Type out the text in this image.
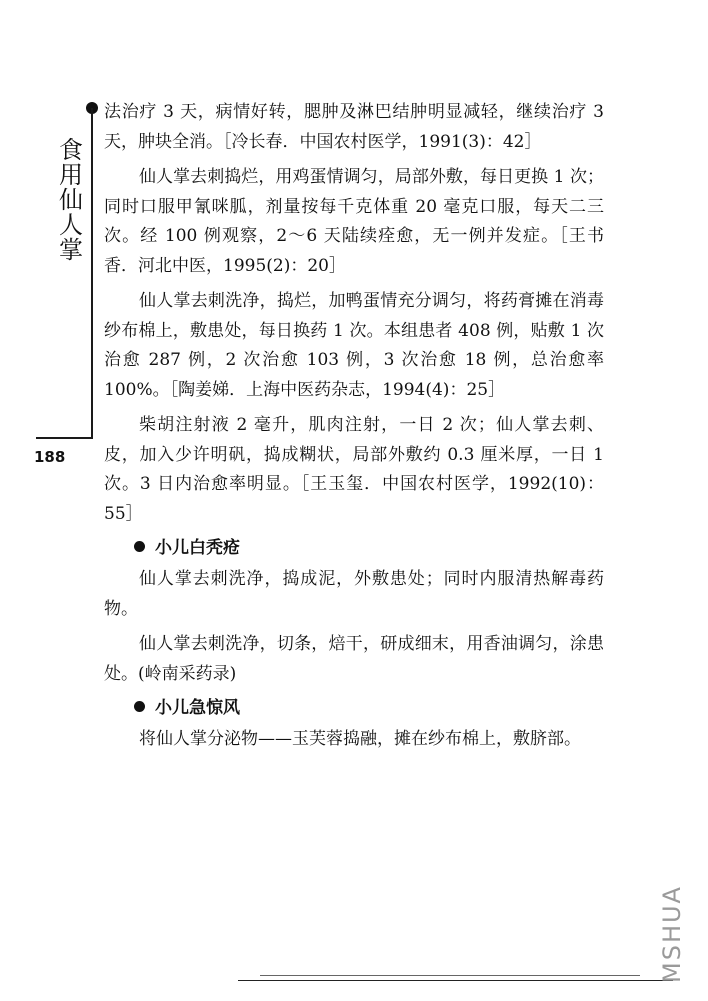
食
用
仙
人
掌
188

法治疗 3 天，病情好转，腮肿及淋巴结肿明显减轻，继续治疗 3 天，肿块全消。［冷长春．中国农村医学，1991(3)：42］

仙人掌去刺捣烂，用鸡蛋情调匀，局部外敷，每日更换 1 次；同时口服甲氰咪胍，剂量按每千克体重 20 毫克口服，每天二三次。经 100 例观察，2～6 天陆续痊愈，无一例并发症。［王书香．河北中医，1995(2)：20］

仙人掌去刺洗净，捣烂，加鸭蛋情充分调匀，将药膏摊在消毒纱布棉上，敷患处，每日换药 1 次。本组患者 408 例，贴敷 1 次治愈 287 例，2 次治愈 103 例，3 次治愈 18 例，总治愈率 100%。［陶姜娣．上海中医药杂志，1994(4)：25］

柴胡注射液 2 毫升，肌肉注射，一日 2 次；仙人掌去刺、皮，加入少许明矾，捣成糊状，局部外敷约 0.3 厘米厚，一日 1 次。3 日内治愈率明显。［王玉玺．中国农村医学，1992(10)：55］

小儿白秃疮

仙人掌去刺洗净，捣成泥，外敷患处；同时内服清热解毒药物。

仙人掌去刺洗净，切条，焙干，研成细末，用香油调匀，涂患处。(岭南采药录)

小儿急惊风

将仙人掌分泌物——玉芙蓉捣融，摊在纱布棉上，敷脐部。

MSHUA
